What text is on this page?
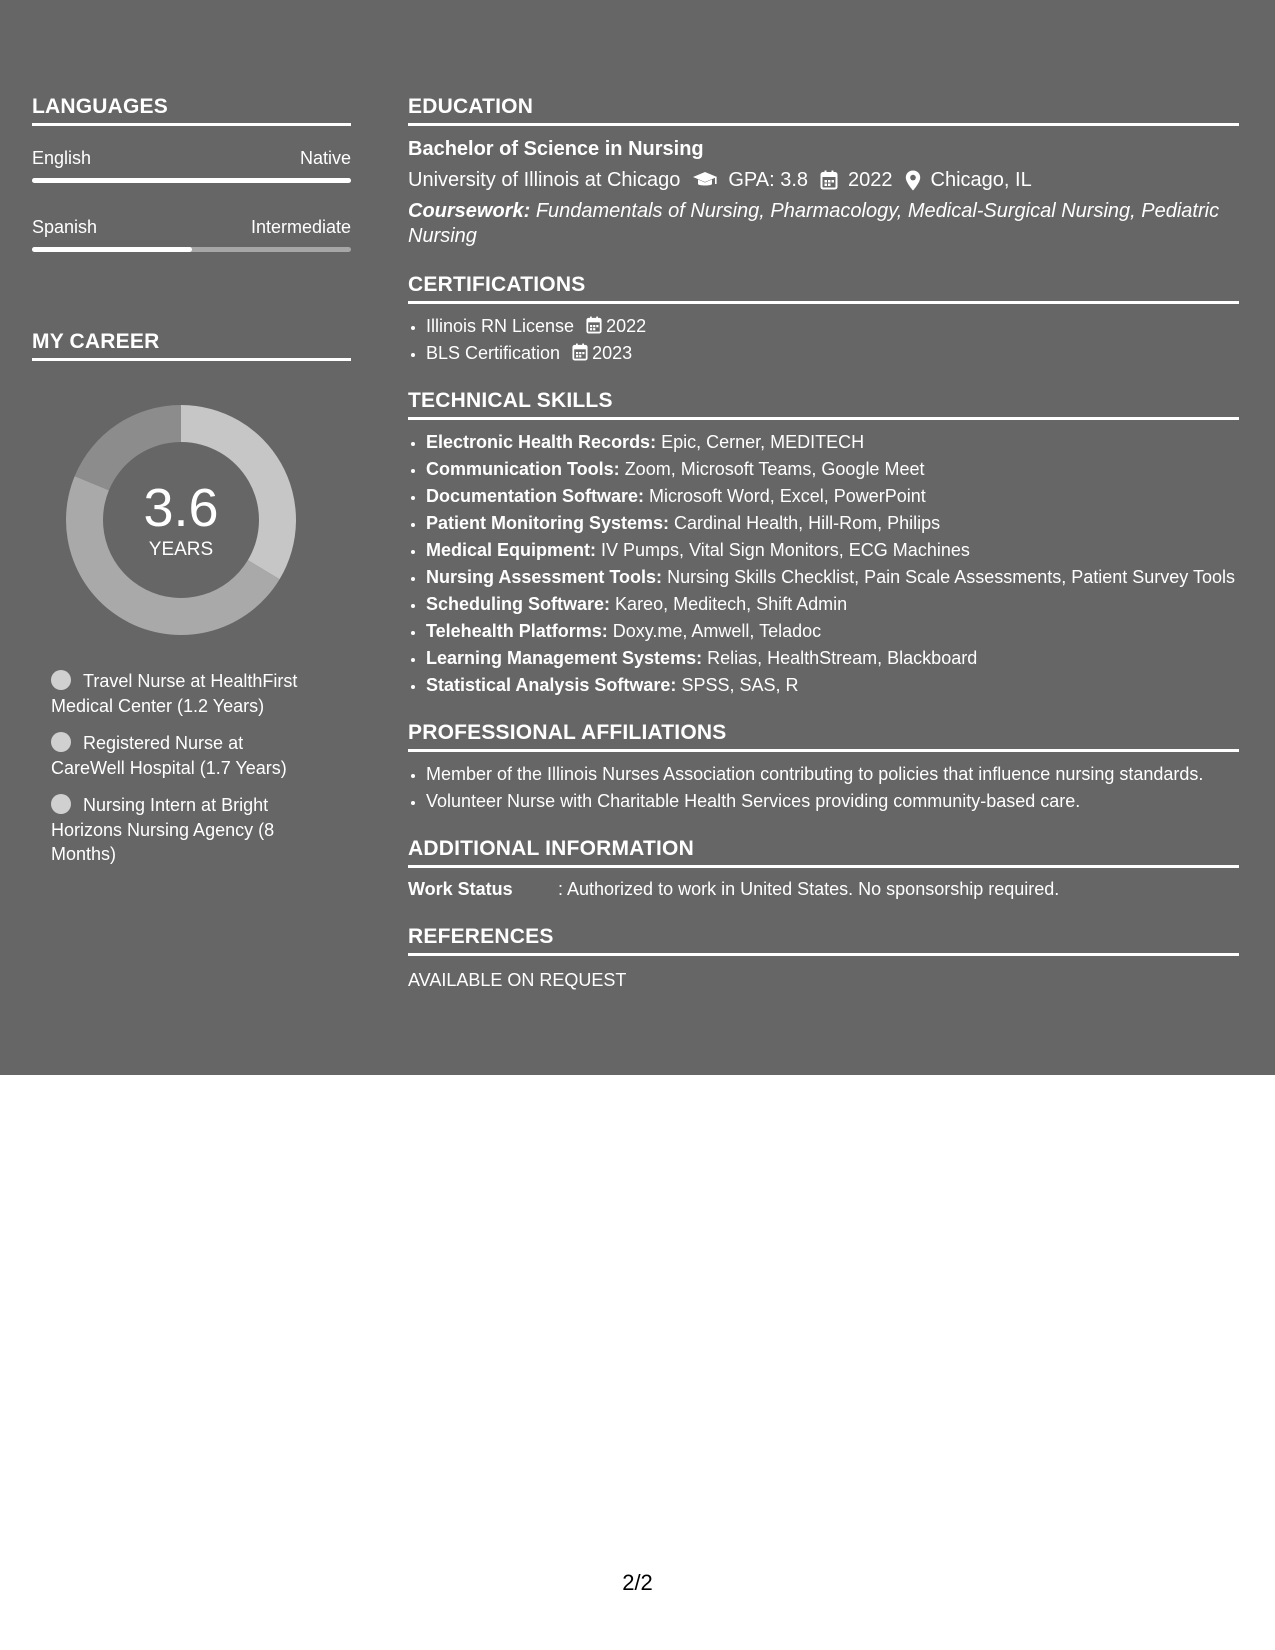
LANGUAGES
English	Native
Spanish	Intermediate
MY CAREER
3.6
YEARS
Travel Nurse at HealthFirst Medical Center (1.2 Years)
Registered Nurse at CareWell Hospital (1.7 Years)
Nursing Intern at Bright Horizons Nursing Agency (8 Months)
EDUCATION
Bachelor of Science in Nursing
University of Illinois at Chicago GPA: 3.8 2022 Chicago, IL
Coursework: Fundamentals of Nursing, Pharmacology, Medical-Surgical Nursing, Pediatric Nursing
CERTIFICATIONS
• Illinois RN License 2022
• BLS Certification 2023
TECHNICAL SKILLS
• Electronic Health Records: Epic, Cerner, MEDITECH
• Communication Tools: Zoom, Microsoft Teams, Google Meet
• Documentation Software: Microsoft Word, Excel, PowerPoint
• Patient Monitoring Systems: Cardinal Health, Hill-Rom, Philips
• Medical Equipment: IV Pumps, Vital Sign Monitors, ECG Machines
• Nursing Assessment Tools: Nursing Skills Checklist, Pain Scale Assessments, Patient Survey Tools
• Scheduling Software: Kareo, Meditech, Shift Admin
• Telehealth Platforms: Doxy.me, Amwell, Teladoc
• Learning Management Systems: Relias, HealthStream, Blackboard
• Statistical Analysis Software: SPSS, SAS, R
PROFESSIONAL AFFILIATIONS
• Member of the Illinois Nurses Association contributing to policies that influence nursing standards.
• Volunteer Nurse with Charitable Health Services providing community-based care.
ADDITIONAL INFORMATION
Work Status	: Authorized to work in United States. No sponsorship required.
REFERENCES
AVAILABLE ON REQUEST
2/2
